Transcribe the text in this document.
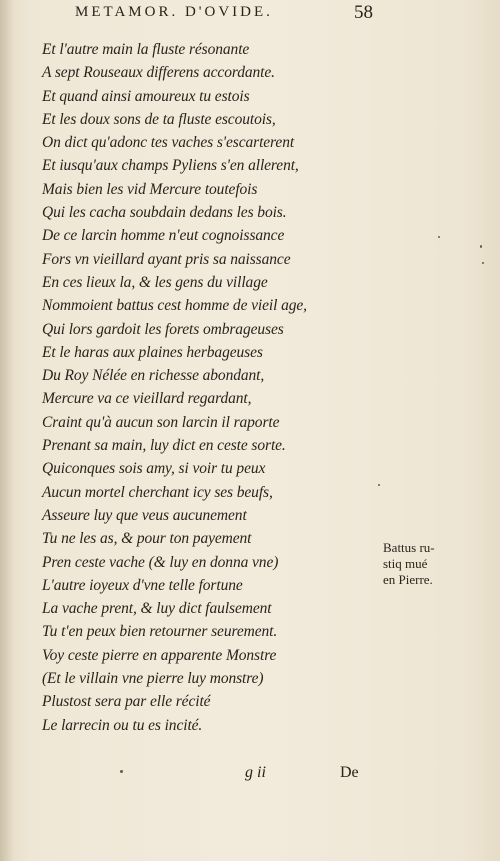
METAMOR. D'OVIDE.	58
Et l'autre main la fluste résonante
A sept Rouseaux differens accordante.
Et quand ainsi amoureux tu estois
Et les doux sons de ta fluste escoutois,
On dict qu'adonc tes vaches s'escarterent
Et iusqu'aux champs Pyliens s'en allerent,
Mais bien les vid Mercure toutefois
Qui les cacha soubdain dedans les bois.
De ce larcin homme n'eut cognoissance
Fors vn vieillard ayant pris sa naissance
En ces lieux la, & les gens du village
Nommoient battus cest homme de vieil age,
Qui lors gardoit les forets ombrageuses
Et le haras aux plaines herbageuses
Du Roy Nélée en richesse abondant,
Mercure va ce vieillard regardant,
Craint qu'à aucun son larcin il raporte
Prenant sa main, luy dict en ceste sorte.
Quiconques sois amy, si voir tu peux
Aucun mortel cherchant icy ses beufs,
Asseure luy que veus aucunement
Tu ne les as, & pour ton payement
Pren ceste vache (& luy en donna vne)
L'autre ioyeux d'vne telle fortune
La vache prent, & luy dict faulsement
Tu t'en peux bien retourner seurement.
Voy ceste pierre en apparente Monstre
(Et le villain vne pierre luy monstre)
Plustost sera par elle récité
Le larrecin ou tu es incité.
Battus ru-
stiq mué
en Pierre.
g ii	De
